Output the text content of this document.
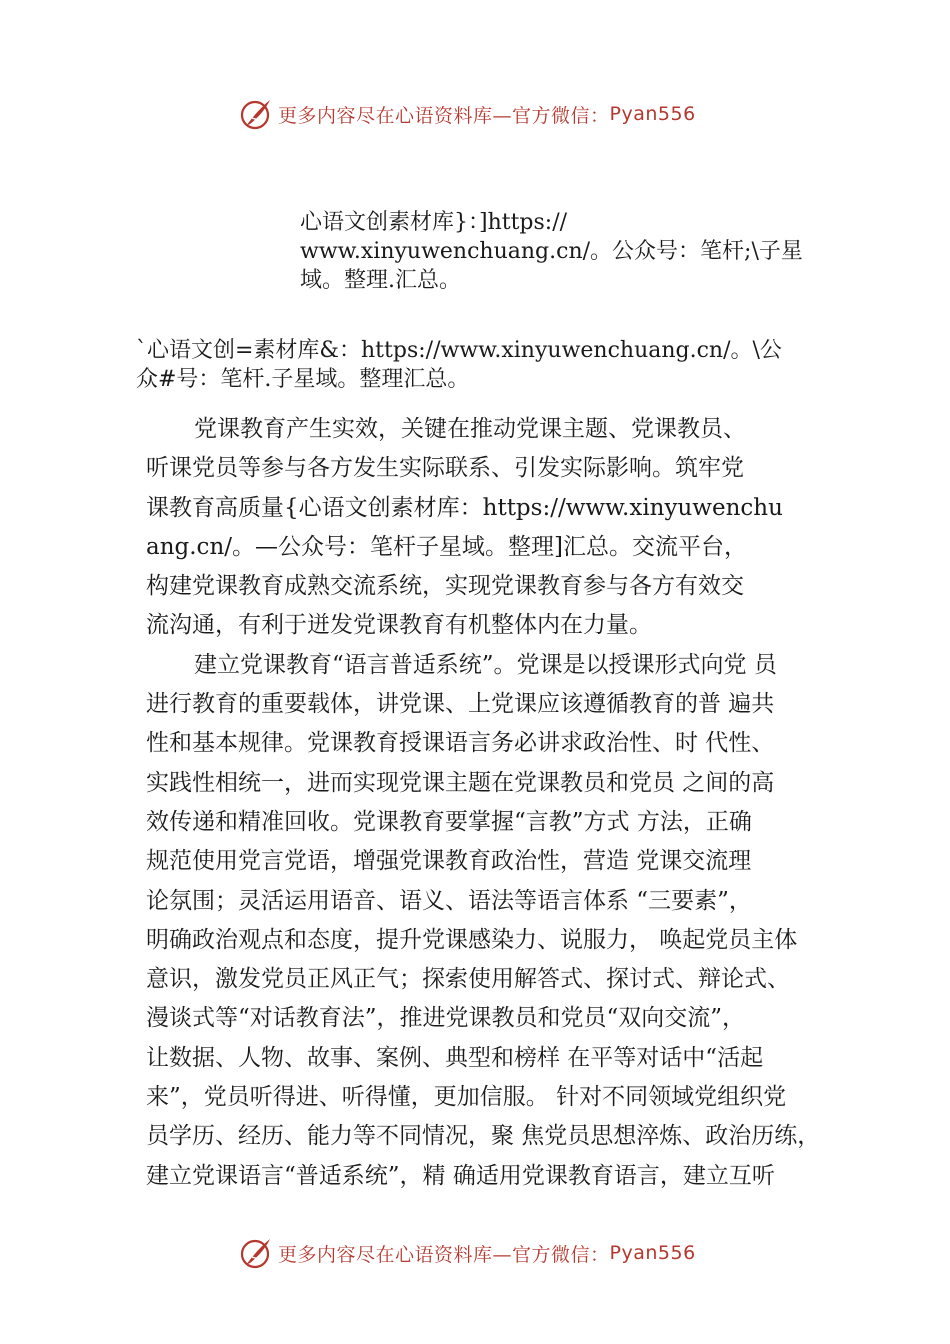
更多内容尽在心语资料库—官方微信： Pyan556
心语文创素材库}：]https://
www.xinyuwenchuang.cn/。公众号：笔杆;\子星
域。整理.汇总。
`心语文创=素材库&：https://www.xinyuwenchuang.cn/。\公
众#号：笔杆.子星域。整理汇总。
党课教育产生实效，关键在推动党课主题、党课教员、
听课党员等参与各方发生实际联系、引发实际影响。筑牢党
课教育高质量{心语文创素材库：https://www.xinyuwenchu
ang.cn/。—公众号：笔杆子星域。整理]汇总。交流平台，
构建党课教育成熟交流系统，实现党课教育参与各方有效交
流沟通，有利于迸发党课教育有机整体内在力量。
建立党课教育“语言普适系统”。党课是以授课形式向党 员
进行教育的重要载体，讲党课、上党课应该遵循教育的普 遍共
性和基本规律。党课教育授课语言务必讲求政治性、时 代性、
实践性相统一，进而实现党课主题在党课教员和党员 之间的高
效传递和精准回收。党课教育要掌握“言教”方式 方法，正确
规范使用党言党语，增强党课教育政治性，营造 党课交流理
论氛围；灵活运用语音、语义、语法等语言体系 “三要素”，
明确政治观点和态度，提升党课感染力、说服力， 唤起党员主体
意识，激发党员正风正气；探索使用解答式、探讨式、辩论式、
漫谈式等“对话教育法”，推进党课教员和党员“双向交流”，
让数据、人物、故事、案例、典型和榜样 在平等对话中“活起
来”，党员听得进、听得懂，更加信服。 针对不同领域党组织党
员学历、经历、能力等不同情况，聚 焦党员思想淬炼、政治历练，
建立党课语言“普适系统”，精 确适用党课教育语言，建立互听
更多内容尽在心语资料库—官方微信： Pyan556
